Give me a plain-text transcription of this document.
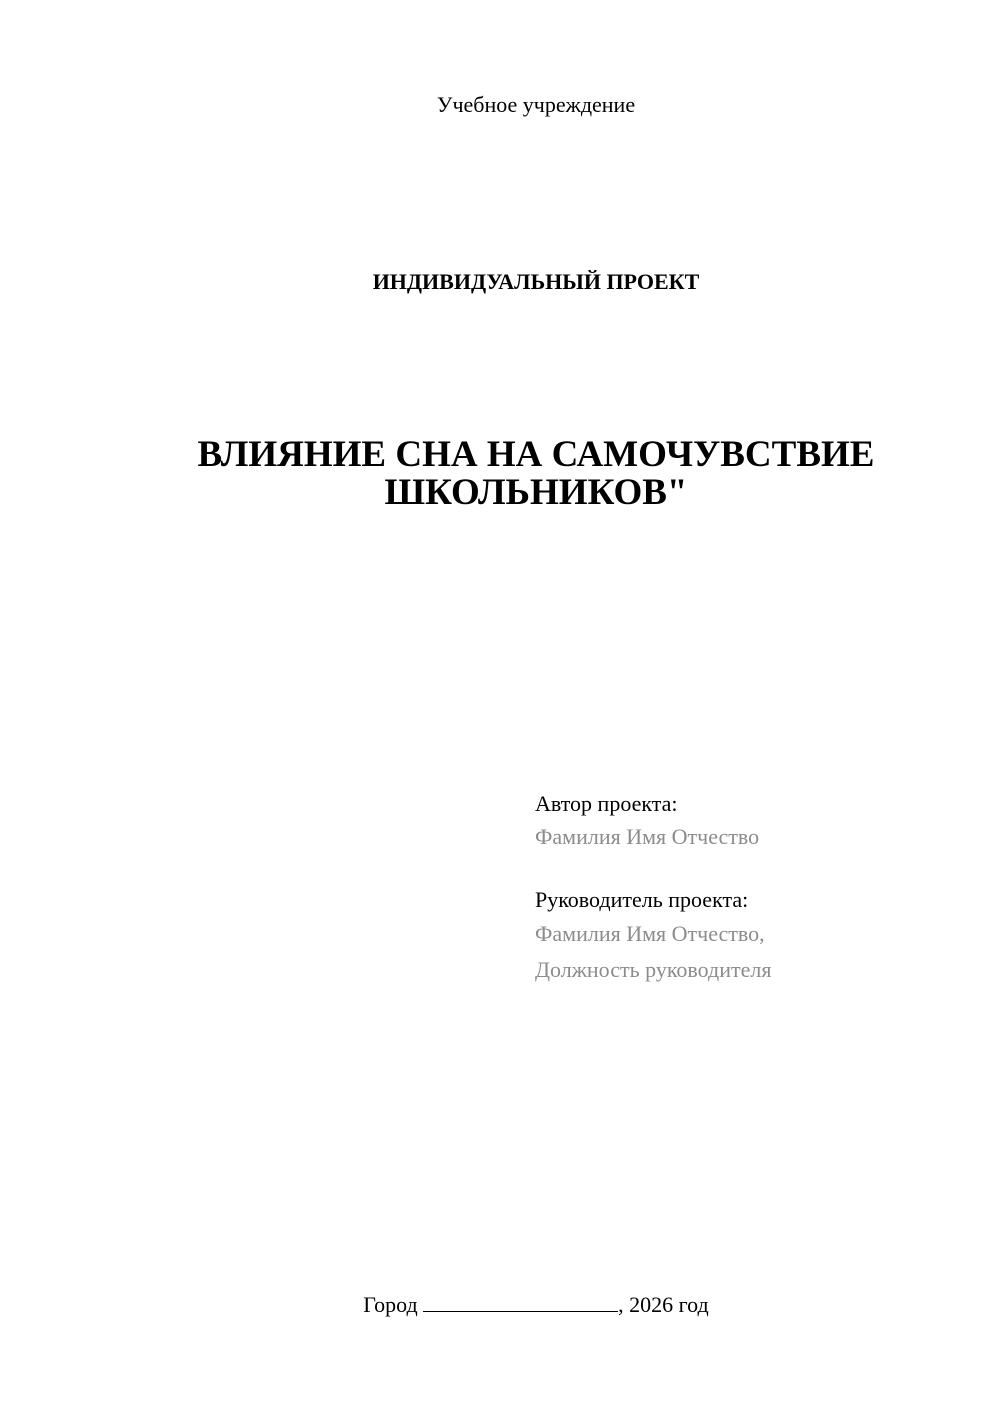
Учебное учреждение
ИНДИВИДУАЛЬНЫЙ ПРОЕКТ
ВЛИЯНИЕ СНА НА САМОЧУВСТВИЕ
ШКОЛЬНИКОВ"
Автор проекта:
Фамилия Имя Отчество
Руководитель проекта:
Фамилия Имя Отчество,
Должность руководителя
Город	, 2026 год
